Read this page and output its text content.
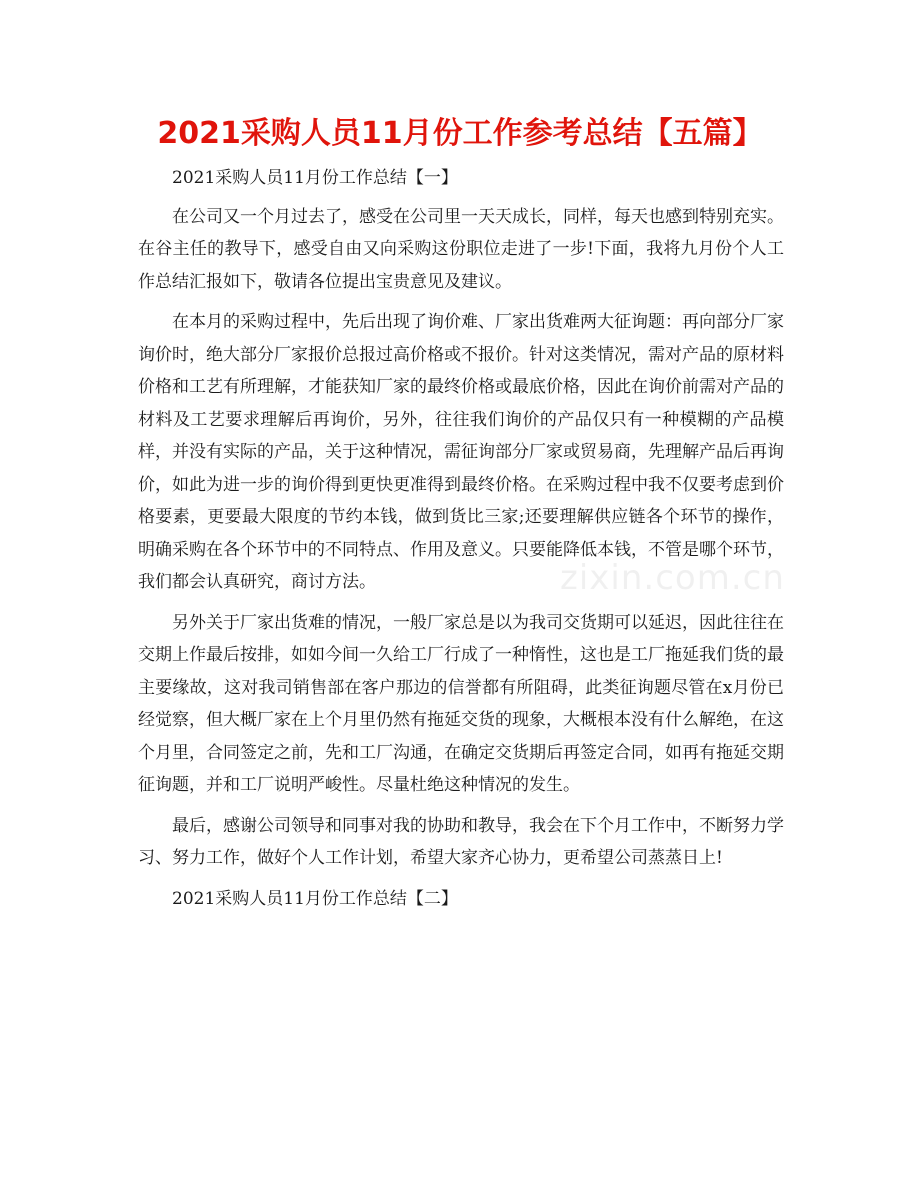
2021采购人员11月份工作参考总结【五篇】

2021采购人员11月份工作总结【一】

在公司又一个月过去了，感受在公司里一天天成长，同样，每天也感到特别充实。在谷主任的教导下，感受自由又向采购这份职位走进了一步!下面，我将九月份个人工作总结汇报如下，敬请各位提出宝贵意见及建议。

在本月的采购过程中，先后出现了询价难、厂家出货难两大征询题：再向部分厂家询价时，绝大部分厂家报价总报过高价格或不报价。针对这类情况，需对产品的原材料价格和工艺有所理解，才能获知厂家的最终价格或最底价格，因此在询价前需对产品的材料及工艺要求理解后再询价，另外，往往我们询价的产品仅只有一种模糊的产品模样，并没有实际的产品，关于这种情况，需征询部分厂家或贸易商，先理解产品后再询价，如此为进一步的询价得到更快更准得到最终价格。在采购过程中我不仅要考虑到价格要素，更要最大限度的节约本钱，做到货比三家;还要理解供应链各个环节的操作，明确采购在各个环节中的不同特点、作用及意义。只要能降低本钱，不管是哪个环节，我们都会认真研究，商讨方法。

另外关于厂家出货难的情况，一般厂家总是以为我司交货期可以延迟，因此往往在交期上作最后按排，如如今间一久给工厂行成了一种惰性，这也是工厂拖延我们货的最主要缘故，这对我司销售部在客户那边的信誉都有所阻碍，此类征询题尽管在x月份已经觉察，但大概厂家在上个月里仍然有拖延交货的现象，大概根本没有什么解绝，在这个月里，合同签定之前，先和工厂沟通，在确定交货期后再签定合同，如再有拖延交期征询题，并和工厂说明严峻性。尽量杜绝这种情况的发生。

最后，感谢公司领导和同事对我的协助和教导，我会在下个月工作中，不断努力学习、努力工作，做好个人工作计划，希望大家齐心协力，更希望公司蒸蒸日上!

2021采购人员11月份工作总结【二】

zixin.com.cn
